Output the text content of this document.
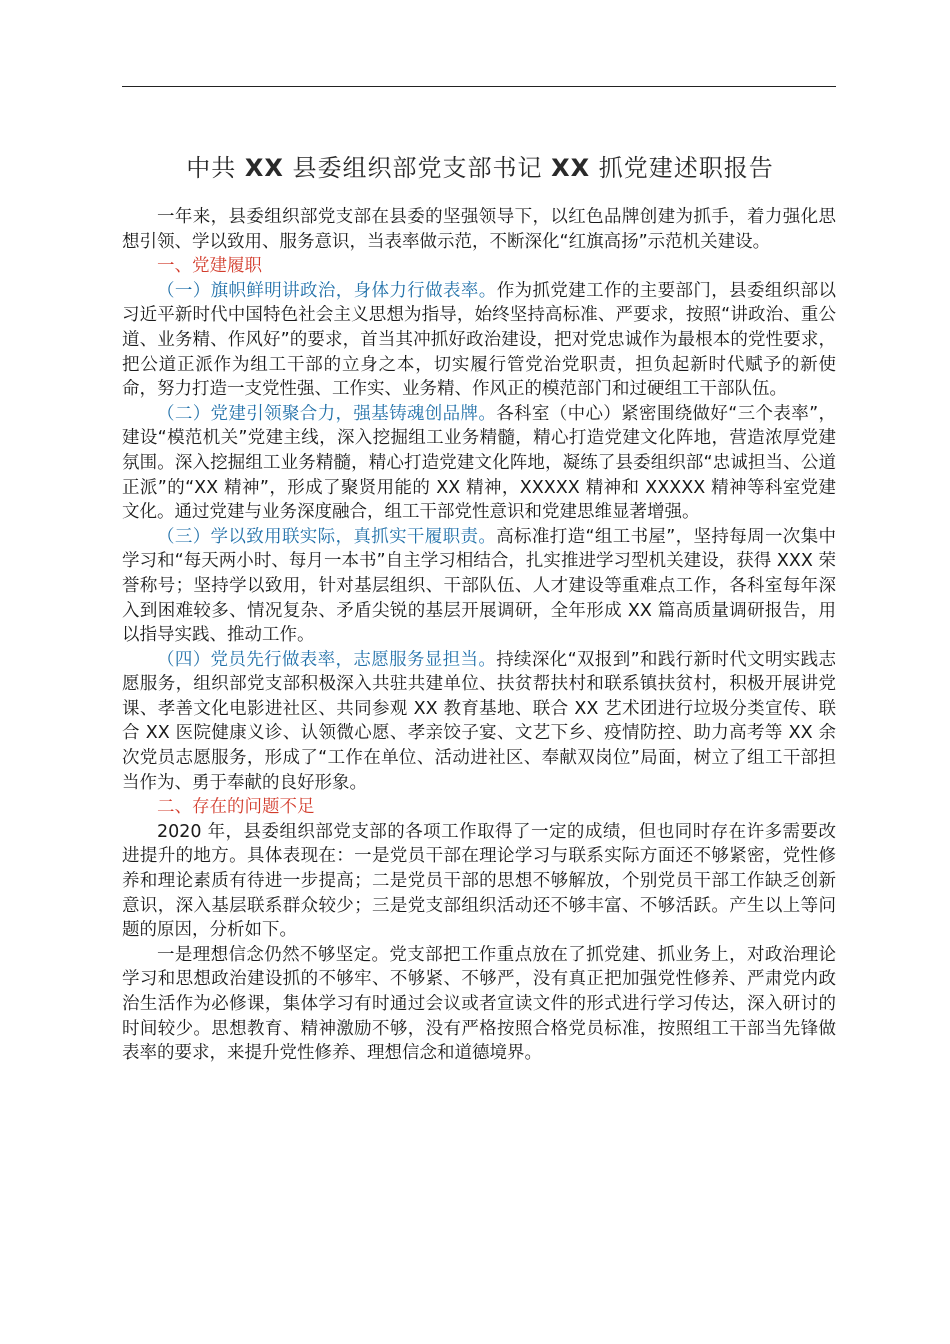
中共 XX 县委组织部党支部书记 XX 抓党建述职报告

一年来，县委组织部党支部在县委的坚强领导下，以红色品牌创建为抓手，着力强化思想引领、学以致用、服务意识，当表率做示范，不断深化“红旗高扬”示范机关建设。

一、党建履职

（一）旗帜鲜明讲政治，身体力行做表率。作为抓党建工作的主要部门，县委组织部以习近平新时代中国特色社会主义思想为指导，始终坚持高标准、严要求，按照“讲政治、重公道、业务精、作风好”的要求，首当其冲抓好政治建设，把对党忠诚作为最根本的党性要求，把公道正派作为组工干部的立身之本，切实履行管党治党职责，担负起新时代赋予的新使命，努力打造一支党性强、工作实、业务精、作风正的模范部门和过硬组工干部队伍。

（二）党建引领聚合力，强基铸魂创品牌。各科室（中心）紧密围绕做好“三个表率”，建设“模范机关”党建主线，深入挖掘组工业务精髓，精心打造党建文化阵地，营造浓厚党建氛围。深入挖掘组工业务精髓，精心打造党建文化阵地，凝练了县委组织部“忠诚担当、公道正派”的“XX 精神”，形成了聚贤用能的 XX 精神，XXXXX 精神和 XXXXX 精神等科室党建文化。通过党建与业务深度融合，组工干部党性意识和党建思维显著增强。

（三）学以致用联实际，真抓实干履职责。高标准打造“组工书屋”，坚持每周一次集中学习和“每天两小时、每月一本书”自主学习相结合，扎实推进学习型机关建设，获得 XXX 荣誉称号；坚持学以致用，针对基层组织、干部队伍、人才建设等重难点工作，各科室每年深入到困难较多、情况复杂、矛盾尖锐的基层开展调研，全年形成 XX 篇高质量调研报告，用以指导实践、推动工作。

（四）党员先行做表率，志愿服务显担当。持续深化“双报到”和践行新时代文明实践志愿服务，组织部党支部积极深入共驻共建单位、扶贫帮扶村和联系镇扶贫村，积极开展讲党课、孝善文化电影进社区、共同参观 XX 教育基地、联合 XX 艺术团进行垃圾分类宣传、联合 XX 医院健康义诊、认领微心愿、孝亲饺子宴、文艺下乡、疫情防控、助力高考等 XX 余次党员志愿服务，形成了“工作在单位、活动进社区、奉献双岗位”局面，树立了组工干部担当作为、勇于奉献的良好形象。

二、存在的问题不足

2020 年，县委组织部党支部的各项工作取得了一定的成绩，但也同时存在许多需要改进提升的地方。具体表现在：一是党员干部在理论学习与联系实际方面还不够紧密，党性修养和理论素质有待进一步提高；二是党员干部的思想不够解放，个别党员干部工作缺乏创新意识，深入基层联系群众较少；三是党支部组织活动还不够丰富、不够活跃。产生以上等问题的原因，分析如下。

一是理想信念仍然不够坚定。党支部把工作重点放在了抓党建、抓业务上，对政治理论学习和思想政治建设抓的不够牢、不够紧、不够严，没有真正把加强党性修养、严肃党内政治生活作为必修课，集体学习有时通过会议或者宣读文件的形式进行学习传达，深入研讨的时间较少。思想教育、精神激励不够，没有严格按照合格党员标准，按照组工干部当先锋做表率的要求，来提升党性修养、理想信念和道德境界。
